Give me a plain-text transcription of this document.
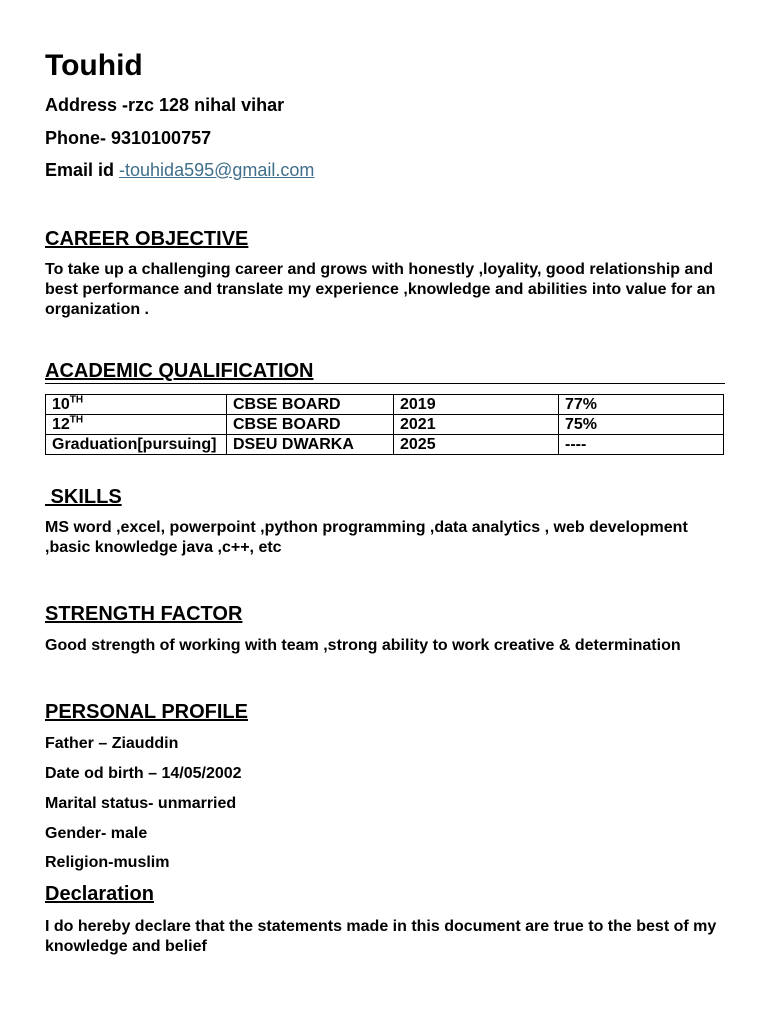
Touhid
Address -rzc 128 nihal vihar
Phone- 9310100757
Email id -touhida595@gmail.com
CAREER OBJECTIVE

To take up a challenging career and grows with honestly ,loyality, good relationship and best performance and translate my experience ,knowledge and abilities into value for an organization .

ACADEMIC QUALIFICATION
10TH	CBSE BOARD	2019	77%
12TH	CBSE BOARD	2021	75%
Graduation[pursuing]	DSEU DWARKA	2025	----
SKILLS

MS word ,excel, powerpoint ,python programming ,data analytics , web development ,basic knowledge java ,c++, etc

STRENGTH FACTOR

Good strength of working with team ,strong ability to work creative & determination

PERSONAL PROFILE
Father – Ziauddin
Date od birth – 14/05/2002
Marital status- unmarried
Gender- male
Religion-muslim
Declaration

I do hereby declare that the statements made in this document are true to the best of my knowledge and belief
